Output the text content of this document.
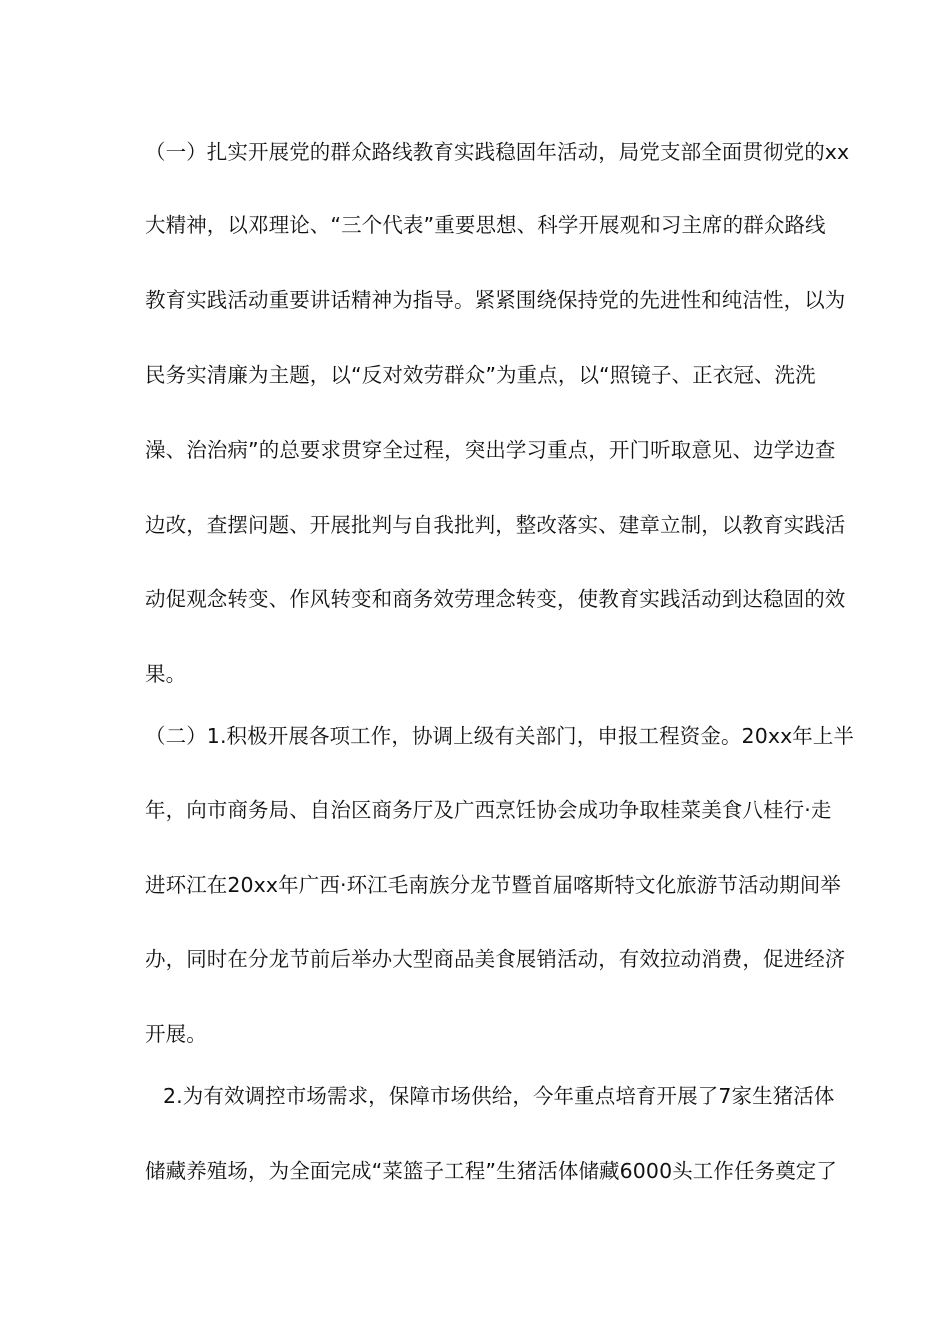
（一）扎实开展党的群众路线教育实践稳固年活动，局党支部全面贯彻党的xx
大精神，以邓理论、“三个代表”重要思想、科学开展观和习主席的群众路线
教育实践活动重要讲话精神为指导。紧紧围绕保持党的先进性和纯洁性，以为
民务实清廉为主题，以“反对效劳群众”为重点，以“照镜子、正衣冠、洗洗
澡、治治病”的总要求贯穿全过程，突出学习重点，开门听取意见、边学边查
边改，查摆问题、开展批判与自我批判，整改落实、建章立制，以教育实践活
动促观念转变、作风转变和商务效劳理念转变，使教育实践活动到达稳固的效
果。
（二）1.积极开展各项工作，协调上级有关部门，申报工程资金。20xx年上半
年，向市商务局、自治区商务厅及广西烹饪协会成功争取桂菜美食八桂行·走
进环江在20xx年广西·环江毛南族分龙节暨首届喀斯特文化旅游节活动期间举
办，同时在分龙节前后举办大型商品美食展销活动，有效拉动消费，促进经济
开展。
2.为有效调控市场需求，保障市场供给，今年重点培育开展了7家生猪活体
储藏养殖场，为全面完成“菜篮子工程”生猪活体储藏6000头工作任务奠定了
